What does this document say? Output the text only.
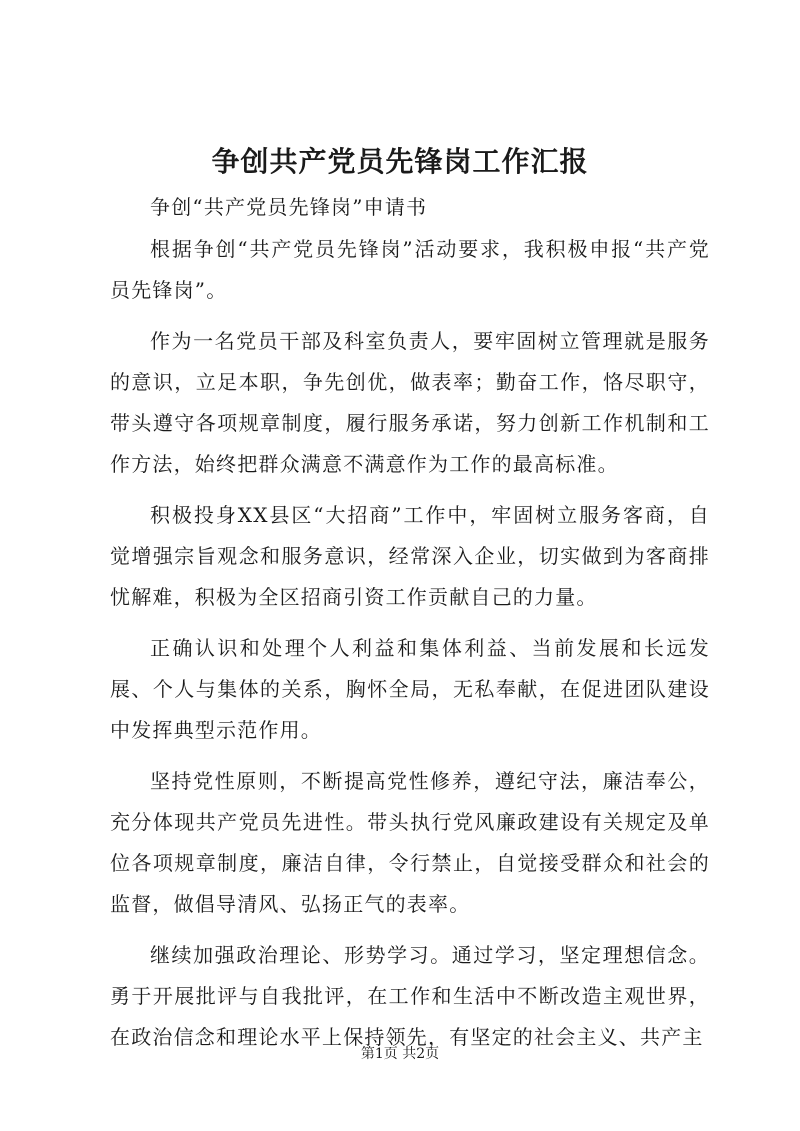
争创共产党员先锋岗工作汇报

争创“共产党员先锋岗”申请书

根据争创“共产党员先锋岗”活动要求，我积极申报“共产党员先锋岗”。

作为一名党员干部及科室负责人，要牢固树立管理就是服务的意识，立足本职，争先创优，做表率；勤奋工作，恪尽职守，带头遵守各项规章制度，履行服务承诺，努力创新工作机制和工作方法，始终把群众满意不满意作为工作的最高标准。

积极投身XX县区“大招商”工作中，牢固树立服务客商，自觉增强宗旨观念和服务意识，经常深入企业，切实做到为客商排忧解难，积极为全区招商引资工作贡献自己的力量。

正确认识和处理个人利益和集体利益、当前发展和长远发展、个人与集体的关系，胸怀全局，无私奉献，在促进团队建设中发挥典型示范作用。

坚持党性原则，不断提高党性修养，遵纪守法，廉洁奉公，充分体现共产党员先进性。带头执行党风廉政建设有关规定及单位各项规章制度，廉洁自律，令行禁止，自觉接受群众和社会的监督，做倡导清风、弘扬正气的表率。

继续加强政治理论、形势学习。通过学习，坚定理想信念。勇于开展批评与自我批评，在工作和生活中不断改造主观世界，在政治信念和理论水平上保持领先，有坚定的社会主义、共产主

第1页 共2页
